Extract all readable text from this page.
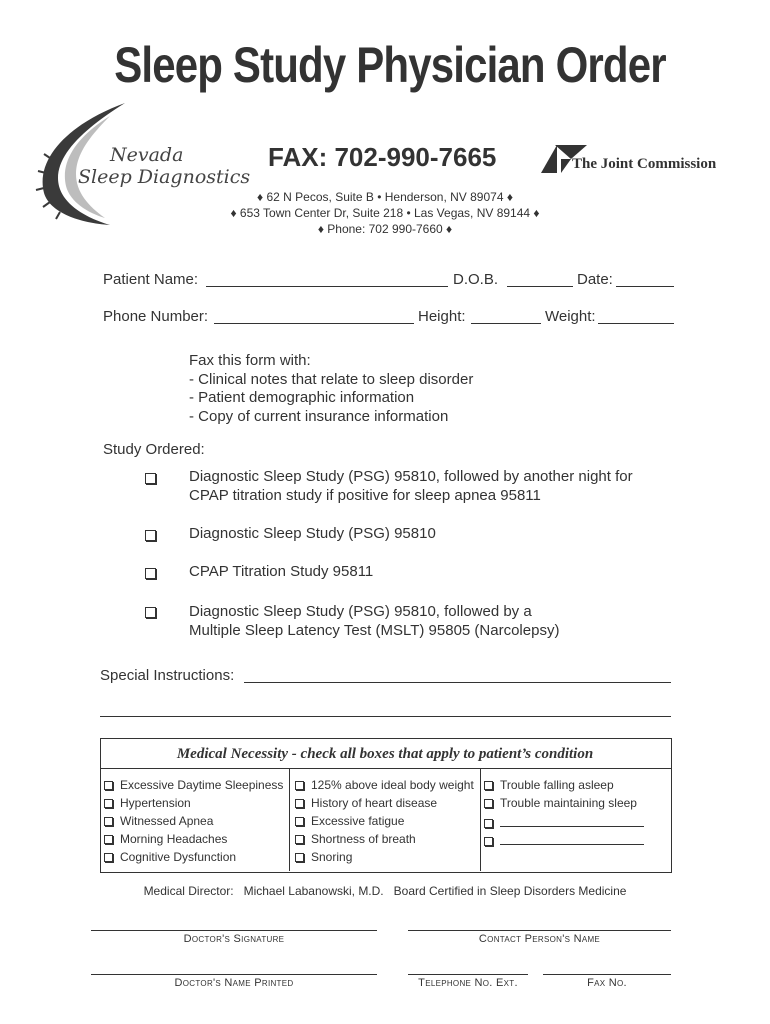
Sleep Study Physician Order
Nevada
Sleep Diagnostics
FAX: 702-990-7665	The Joint Commission
♦ 62 N Pecos, Suite B • Henderson, NV 89074 ♦
♦ 653 Town Center Dr, Suite 218 • Las Vegas, NV 89144 ♦
♦ Phone: 702 990-7660 ♦
Patient Name:	D.O.B.	Date:
Phone Number:	Height:	Weight:
Fax this form with:
- Clinical notes that relate to sleep disorder
- Patient demographic information
- Copy of current insurance information
Study Ordered:
Diagnostic Sleep Study (PSG) 95810, followed by another night for
CPAP titration study if positive for sleep apnea 95811
Diagnostic Sleep Study (PSG) 95810
CPAP Titration Study 95811
Diagnostic Sleep Study (PSG) 95810, followed by a
Multiple Sleep Latency Test (MSLT) 95805 (Narcolepsy)
Special Instructions:
Medical Necessity - check all boxes that apply to patient’s condition
Excessive Daytime Sleepiness
Hypertension
Witnessed Apnea
Morning Headaches
Cognitive Dysfunction
125% above ideal body weight
History of heart disease
Excessive fatigue
Shortness of breath
Snoring
Trouble falling asleep
Trouble maintaining sleep
Medical Director:   Michael Labanowski, M.D.   Board Certified in Sleep Disorders Medicine
Doctor's Signature	Contact Person's Name
Doctor's Name Printed	Telephone No. Ext.	Fax No.
